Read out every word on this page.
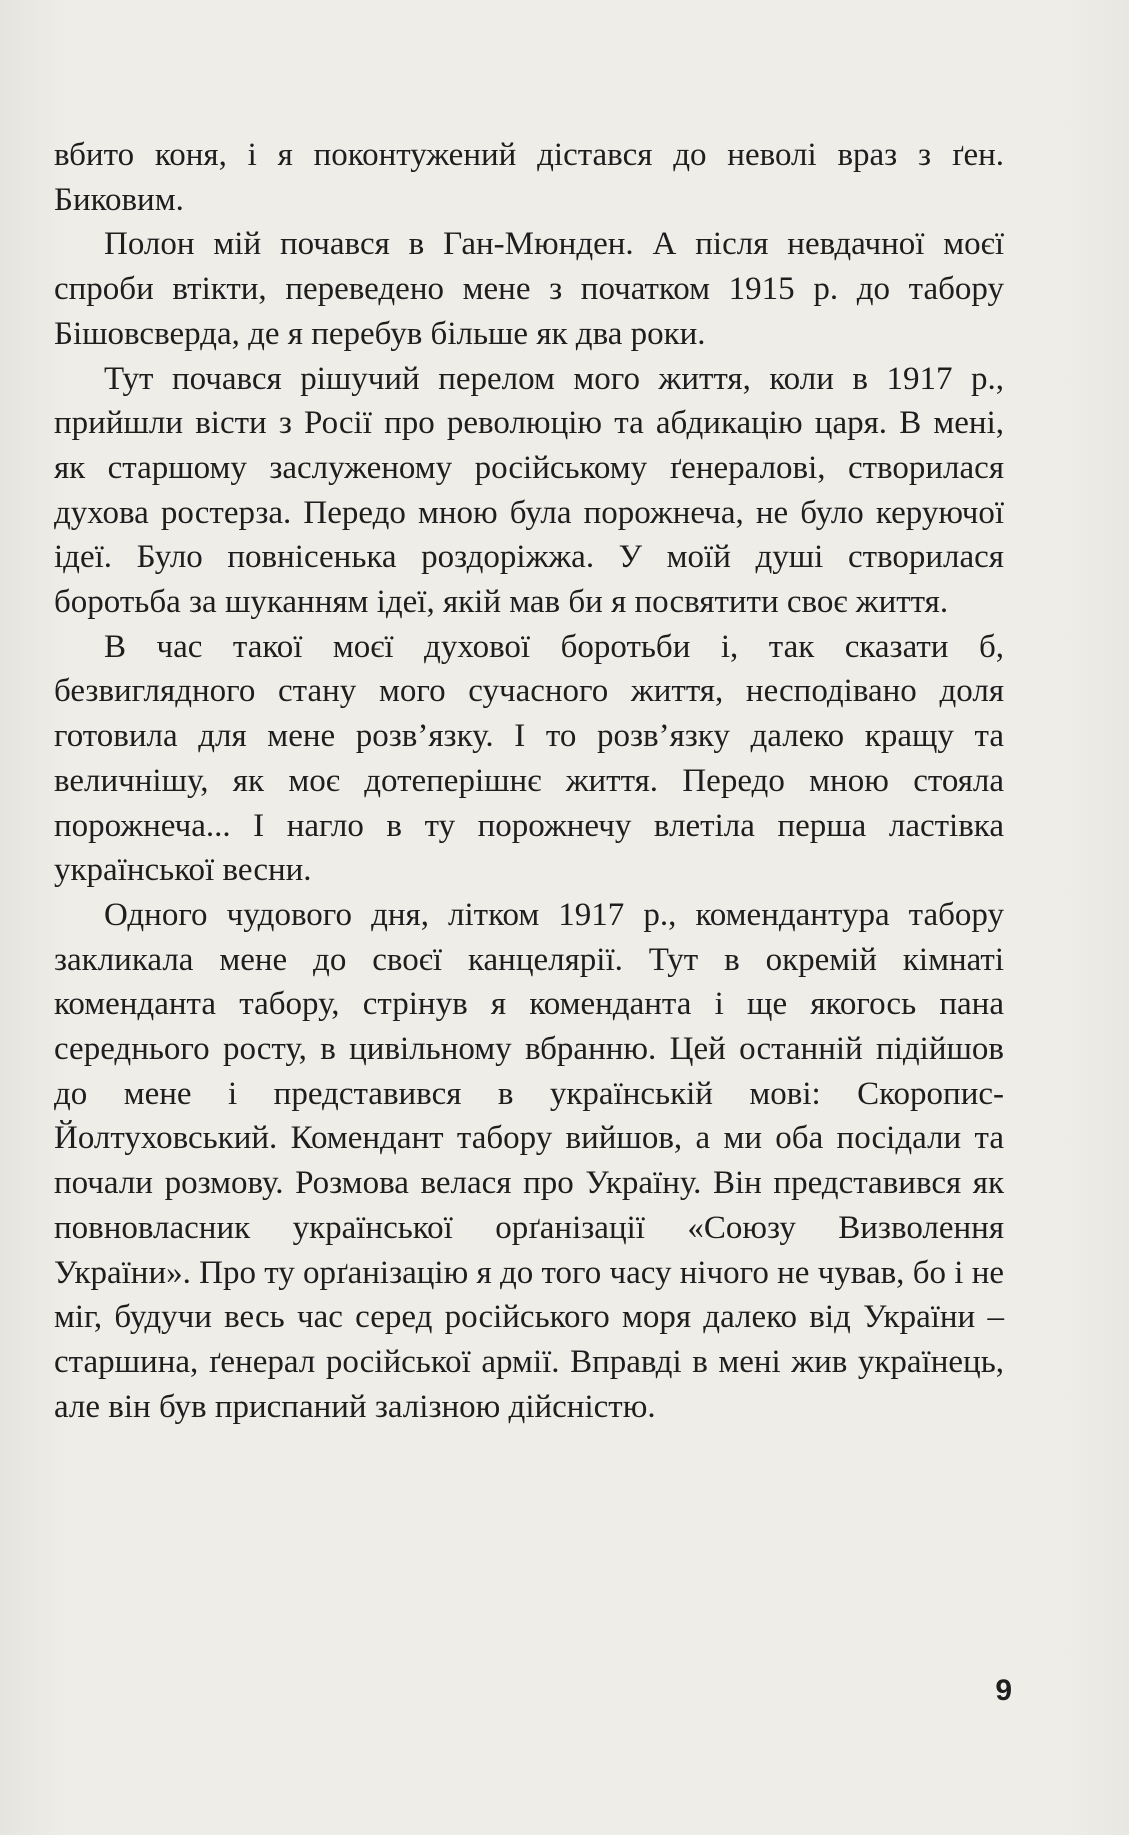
вбито коня, і я поконтужений дістався до неволі враз з ґен. Биковим.

Полон мій почався в Ган-Мюнден. А після невдачної моєї спроби втікти, переведено мене з початком 1915 р. до табору Бішовсверда, де я перебув більше як два роки.

Тут почався рішучий перелом мого життя, коли в 1917 р., прийшли вісти з Росії про революцію та абдикацію царя. В мені, як старшому заслуженому російському ґенералові, створилася духова ростерза. Передо мною була порожнеча, не було керуючої ідеї. Було повнісенька роздоріжжа. У моїй душі створилася боротьба за шуканням ідеї, якій мав би я посвятити своє життя.

В час такої моєї духової боротьби і, так сказати б, безвиглядного стану мого сучасного життя, несподівано доля готовила для мене розв’язку. І то розв’язку далеко кращу та величнішу, як моє дотеперішнє життя. Передо мною стояла порожнеча... І нагло в ту порожнечу влетіла перша ластівка української весни.

Одного чудового дня, літком 1917 р., комендантура табору закликала мене до своєї канцелярії. Тут в окремій кімнаті коменданта табору, стрінув я коменданта і ще якогось пана середнього росту, в цивільному вбранню. Цей останній підійшов до мене і представився в українській мові: Скоропис-Йолтуховський. Комендант табору вийшов, а ми оба посідали та почали розмову. Розмова велася про Україну. Він представився як повновласник української орґанізації «Союзу Визволення України». Про ту орґанізацію я до того часу нічого не чував, бо і не міг, будучи весь час серед російського моря далеко від України – старшина, ґенерал російської армії. Вправді в мені жив українець, але він був приспаний залізною дійсністю.

9
